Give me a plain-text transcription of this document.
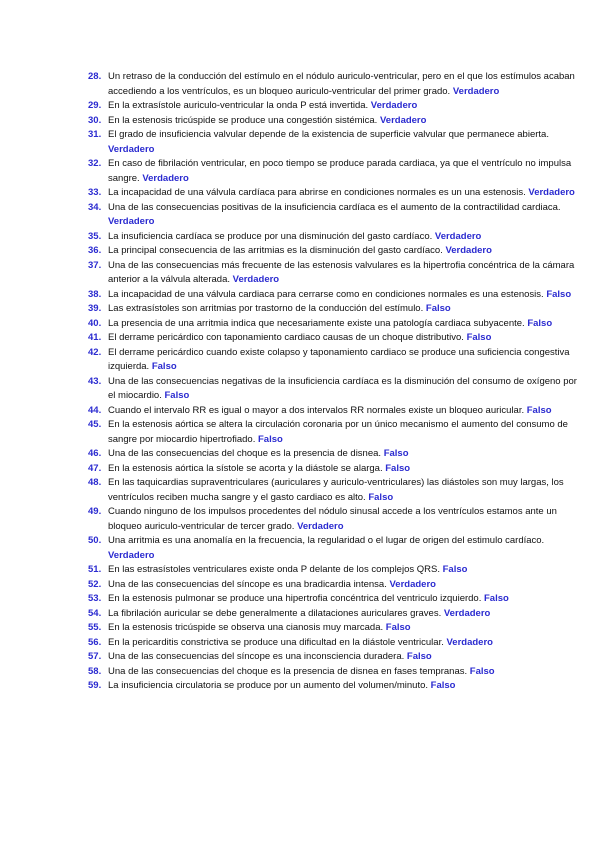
28. Un retraso de la conducción del estímulo en el nódulo auriculo-ventricular, pero en el que los estímulos acaban accediendo a los ventrículos, es un bloqueo auriculo-ventricular del primer grado. Verdadero
29. En la extrasístole auriculo-ventricular la onda P está invertida. Verdadero
30. En la estenosis tricúspide se produce una congestión sistémica. Verdadero
31. El grado de insuficiencia valvular depende de la existencia de superficie valvular que permanece abierta. Verdadero
32. En caso de fibrilación ventricular, en poco tiempo se produce parada cardiaca, ya que el ventrículo no impulsa sangre. Verdadero
33. La incapacidad de una válvula cardíaca para abrirse en condiciones normales es un una estenosis. Verdadero
34. Una de las consecuencias positivas de la insuficiencia cardíaca es el aumento de la contractilidad cardiaca. Verdadero
35. La insuficiencia cardíaca se produce por una disminución del gasto cardíaco. Verdadero
36. La principal consecuencia de las arritmias es la disminución del gasto cardíaco. Verdadero
37. Una de las consecuencias más frecuente de las estenosis valvulares es la hipertrofia concéntrica de la cámara anterior a la válvula alterada. Verdadero
38. La incapacidad de una válvula cardiaca para cerrarse como en condiciones normales es una estenosis. Falso
39. Las extrasístoles son arritmias por trastorno de la conducción del estímulo. Falso
40. La presencia de una arritmia indica que necesariamente existe una patología cardiaca subyacente. Falso
41. El derrame pericárdico con taponamiento cardiaco causas de un choque distributivo. Falso
42. El derrame pericárdico cuando existe colapso y taponamiento cardiaco se produce una suficiencia congestiva izquierda. Falso
43. Una de las consecuencias negativas de la insuficiencia cardíaca es la disminución del consumo de oxígeno por el miocardio. Falso
44. Cuando el intervalo RR es igual o mayor a dos intervalos RR normales existe un bloqueo auricular. Falso
45. En la estenosis aórtica se altera la circulación coronaria por un único mecanismo el aumento del consumo de sangre por miocardio hipertrofiado. Falso
46. Una de las consecuencias del choque es la presencia de disnea. Falso
47. En la estenosis aórtica la sístole se acorta y la diástole se alarga. Falso
48. En las taquicardias supraventriculares (auriculares y auriculo-ventriculares) las diástoles son muy largas, los ventrículos reciben mucha sangre y el gasto cardiaco es alto. Falso
49. Cuando ninguno de los impulsos procedentes del nódulo sinusal accede a los ventrículos estamos ante un bloqueo auriculo-ventricular de tercer grado. Verdadero
50. Una arritmia es una anomalía en la frecuencia, la regularidad o el lugar de origen del estimulo cardíaco. Verdadero
51. En las estrasístoles ventriculares existe onda P delante de los complejos QRS. Falso
52. Una de las consecuencias del síncope es una bradicardia intensa. Verdadero
53. En la estenosis pulmonar se produce una hipertrofia concéntrica del ventriculo izquierdo. Falso
54. La fibrilación auricular se debe generalmente a dilataciones auriculares graves. Verdadero
55. En la estenosis tricúspide se observa una cianosis muy marcada. Falso
56. En la pericarditis constrictiva se produce una dificultad en la diástole ventricular. Verdadero
57. Una de las consecuencias del síncope es una inconsciencia duradera. Falso
58. Una de las consecuencias del choque es la presencia de disnea en fases tempranas. Falso
59. La insuficiencia circulatoria se produce por un aumento del volumen/minuto. Falso
